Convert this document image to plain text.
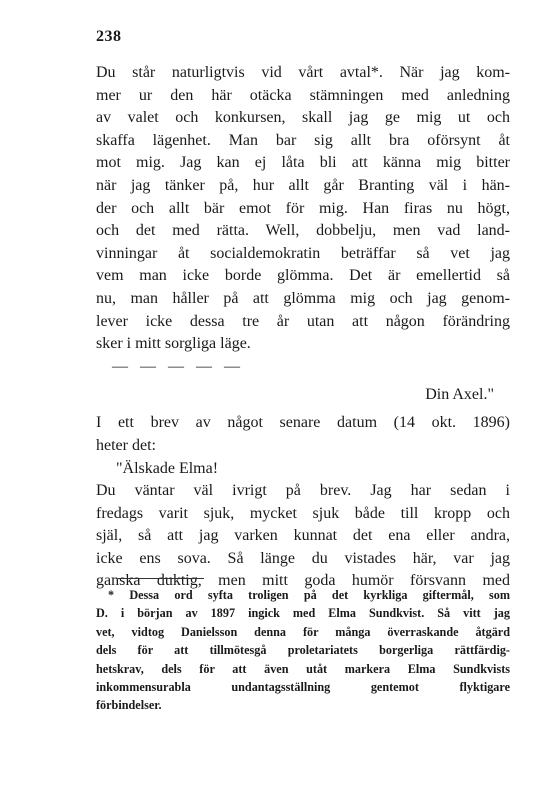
238
Du står naturligtvis vid vårt avtal*. När jag kom-
mer ur den här otäcka stämningen med anledning
av valet och konkursen, skall jag ge mig ut och
skaffa lägenhet. Man bar sig allt bra oförsynt åt
mot mig. Jag kan ej låta bli att känna mig bitter
när jag tänker på, hur allt går Branting väl i hän-
der och allt bär emot för mig. Han firas nu högt,
och det med rätta. Well, dobbelju, men vad land-
vinningar åt socialdemokratin beträffar så vet jag
vem man icke borde glömma. Det är emellertid så
nu, man håller på att glömma mig och jag genom-
lever icke dessa tre år utan att någon förändring
sker i mitt sorgliga läge.
— — — — —
Din Axel."
I ett brev av något senare datum (14 okt. 1896)
heter det:
"Älskade Elma!
Du väntar väl ivrigt på brev. Jag har sedan i
fredags varit sjuk, mycket sjuk både till kropp och
själ, så att jag varken kunnat det ena eller andra,
icke ens sova. Så länge du vistades här, var jag
ganska duktig, men mitt goda humör försvann med
* Dessa ord syfta troligen på det kyrkliga giftermål, som
D. i början av 1897 ingick med Elma Sundkvist. Så vitt jag
vet, vidtog Danielsson denna för många överraskande åtgärd
dels för att tillmötesgå proletariatets borgerliga rättfärdig-
hetskrav, dels för att även utåt markera Elma Sundkvists
inkommensurabla undantagsställning gentemot flyktigare
förbindelser.
